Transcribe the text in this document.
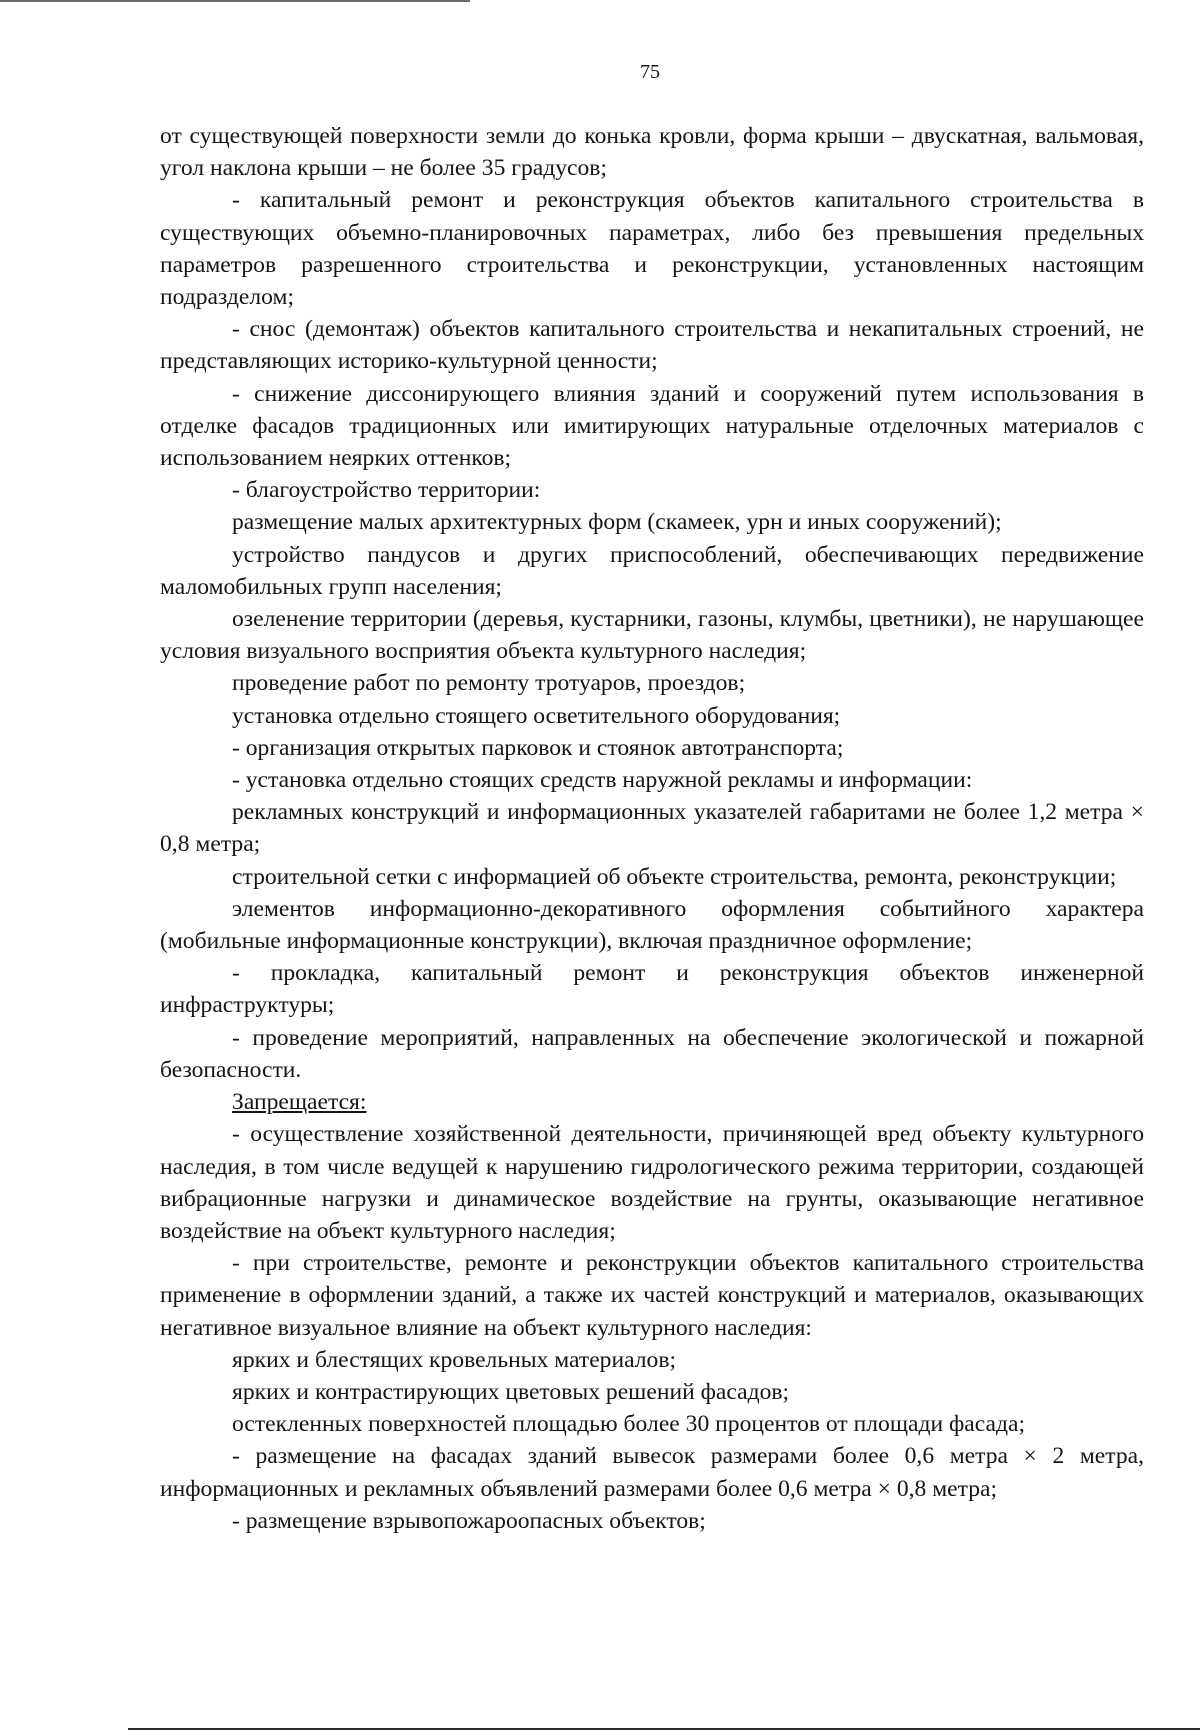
75

от существующей поверхности земли до конька кровли, форма крыши – двускатная, вальмовая, угол наклона крыши – не более 35 градусов;

- капитальный ремонт и реконструкция объектов капитального строительства в существующих объемно-планировочных параметрах, либо без превышения предельных параметров разрешенного строительства и реконструкции, установленных настоящим подразделом;

- снос (демонтаж) объектов капитального строительства и некапитальных строений, не представляющих историко-культурной ценности;

- снижение диссонирующего влияния зданий и сооружений путем использования в отделке фасадов традиционных или имитирующих натуральные отделочных материалов с использованием неярких оттенков;

- благоустройство территории:

размещение малых архитектурных форм (скамеек, урн и иных сооружений);

устройство пандусов и других приспособлений, обеспечивающих передвижение маломобильных групп населения;

озеленение территории (деревья, кустарники, газоны, клумбы, цветники), не нарушающее условия визуального восприятия объекта культурного наследия;

проведение работ по ремонту тротуаров, проездов;

установка отдельно стоящего осветительного оборудования;

- организация открытых парковок и стоянок автотранспорта;

- установка отдельно стоящих средств наружной рекламы и информации:

рекламных конструкций и информационных указателей габаритами не более 1,2 метра × 0,8 метра;

строительной сетки с информацией об объекте строительства, ремонта, реконструкции;

элементов информационно-декоративного оформления событийного характера (мобильные информационные конструкции), включая праздничное оформление;

- прокладка, капитальный ремонт и реконструкция объектов инженерной инфраструктуры;

- проведение мероприятий, направленных на обеспечение экологической и пожарной безопасности.

Запрещается:

- осуществление хозяйственной деятельности, причиняющей вред объекту культурного наследия, в том числе ведущей к нарушению гидрологического режима территории, создающей вибрационные нагрузки и динамическое воздействие на грунты, оказывающие негативное воздействие на объект культурного наследия;

- при строительстве, ремонте и реконструкции объектов капитального строительства применение в оформлении зданий, а также их частей конструкций и материалов, оказывающих негативное визуальное влияние на объект культурного наследия:

ярких и блестящих кровельных материалов;

ярких и контрастирующих цветовых решений фасадов;

остекленных поверхностей площадью более 30 процентов от площади фасада;

- размещение на фасадах зданий вывесок размерами более 0,6 метра × 2 метра, информационных и рекламных объявлений размерами более 0,6 метра × 0,8 метра;

- размещение взрывопожароопасных объектов;
